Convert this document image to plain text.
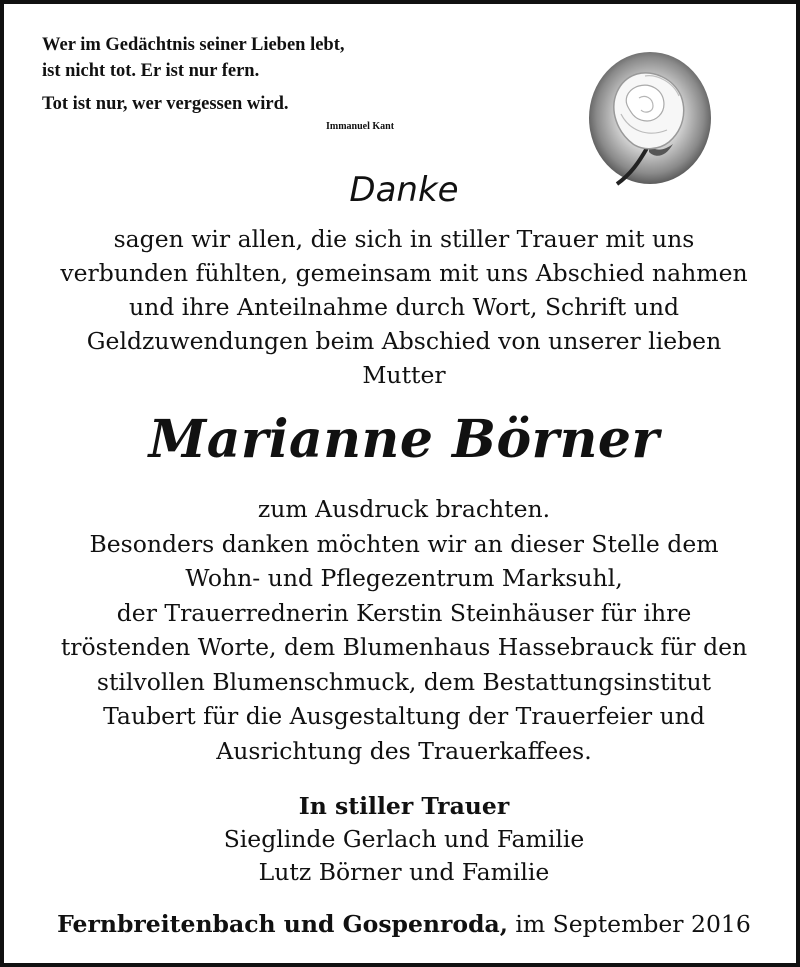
Wer im Gedächtnis seiner Lieben lebt,
ist nicht tot. Er ist nur fern.
Tot ist nur, wer vergessen wird.
Immanuel Kant
Danke
sagen wir allen, die sich in stiller Trauer mit uns
verbunden fühlten, gemeinsam mit uns Abschied nahmen
und ihre Anteilnahme durch Wort, Schrift und
Geldzuwendungen beim Abschied von unserer lieben
Mutter
Marianne Börner
zum Ausdruck brachten.
Besonders danken möchten wir an dieser Stelle dem
Wohn- und Pflegezentrum Marksuhl,
der Trauerrednerin Kerstin Steinhäuser für ihre
tröstenden Worte, dem Blumenhaus Hassebrauck für den
stilvollen Blumenschmuck, dem Bestattungsinstitut
Taubert für die Ausgestaltung der Trauerfeier und
Ausrichtung des Trauerkaffees.
In stiller Trauer
Sieglinde Gerlach und Familie
Lutz Börner und Familie
Fernbreitenbach und Gospenroda, im September 2016
